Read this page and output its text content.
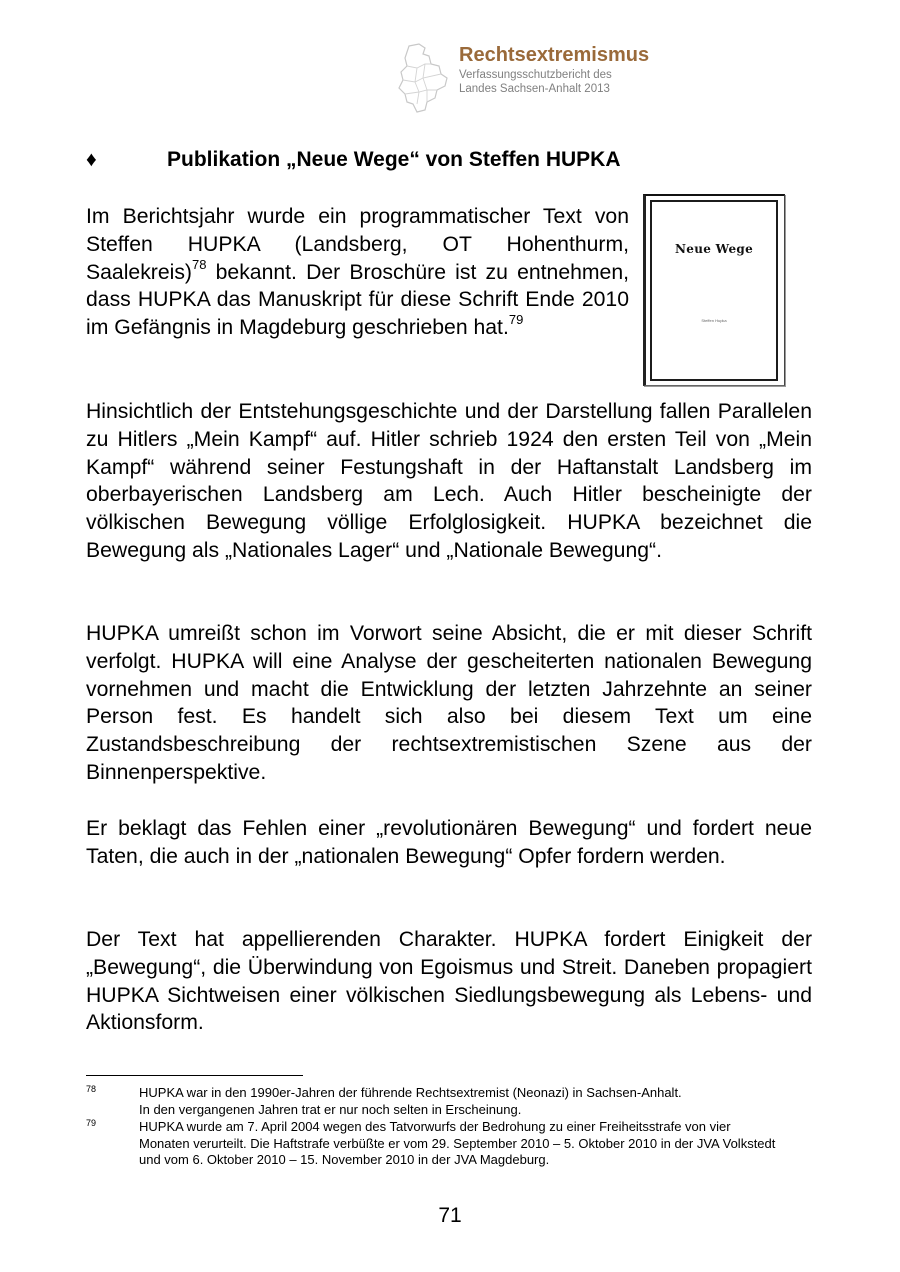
Rechtsextremismus
Verfassungsschutzbericht des
Landes Sachsen-Anhalt 2013
♦	Publikation „Neue Wege“ von Steffen HUPKA

Im Berichtsjahr wurde ein programmatischer Text von Steffen HUPKA (Landsberg, OT Hohenthurm, Saalekreis)$^{78}$ bekannt. Der Broschüre ist zu entnehmen, dass HUPKA das Manuskript für diese Schrift Ende 2010 im Gefängnis in Magdeburg geschrieben hat.$^{79}$

Neue Wege
Steffen Hupka

Hinsichtlich der Entstehungsgeschichte und der Darstellung fallen Parallelen zu Hitlers „Mein Kampf“ auf. Hitler schrieb 1924 den ersten Teil von „Mein Kampf“ während seiner Festungshaft in der Haftanstalt Landsberg im oberbayerischen Landsberg am Lech. Auch Hitler bescheinigte der völkischen Bewegung völlige Erfolglosigkeit. HUPKA bezeichnet die Bewegung als „Nationales Lager“ und „Nationale Bewegung“.

HUPKA umreißt schon im Vorwort seine Absicht, die er mit dieser Schrift verfolgt. HUPKA will eine Analyse der gescheiterten nationalen Bewegung vornehmen und macht die Entwicklung der letzten Jahrzehnte an seiner Person fest. Es handelt sich also bei diesem Text um eine Zustandsbeschreibung der rechtsextremistischen Szene aus der Binnenperspektive.

Er beklagt das Fehlen einer „revolutionären Bewegung“ und fordert neue Taten, die auch in der „nationalen Bewegung“ Opfer fordern werden.

Der Text hat appellierenden Charakter. HUPKA fordert Einigkeit der „Bewegung“, die Überwindung von Egoismus und Streit. Daneben propagiert HUPKA Sichtweisen einer völkischen Siedlungsbewegung als Lebens- und Aktionsform.

78	HUPKA war in den 1990er-Jahren der führende Rechtsextremist (Neonazi) in Sachsen-Anhalt.
In den vergangenen Jahren trat er nur noch selten in Erscheinung.
79	HUPKA wurde am 7. April 2004 wegen des Tatvorwurfs der Bedrohung zu einer Freiheitsstrafe von vier Monaten verurteilt. Die Haftstrafe verbüßte er vom 29. September 2010 – 5. Oktober 2010 in der JVA Volkstedt und vom 6. Oktober 2010 – 15. November 2010 in der JVA Magdeburg.
71
